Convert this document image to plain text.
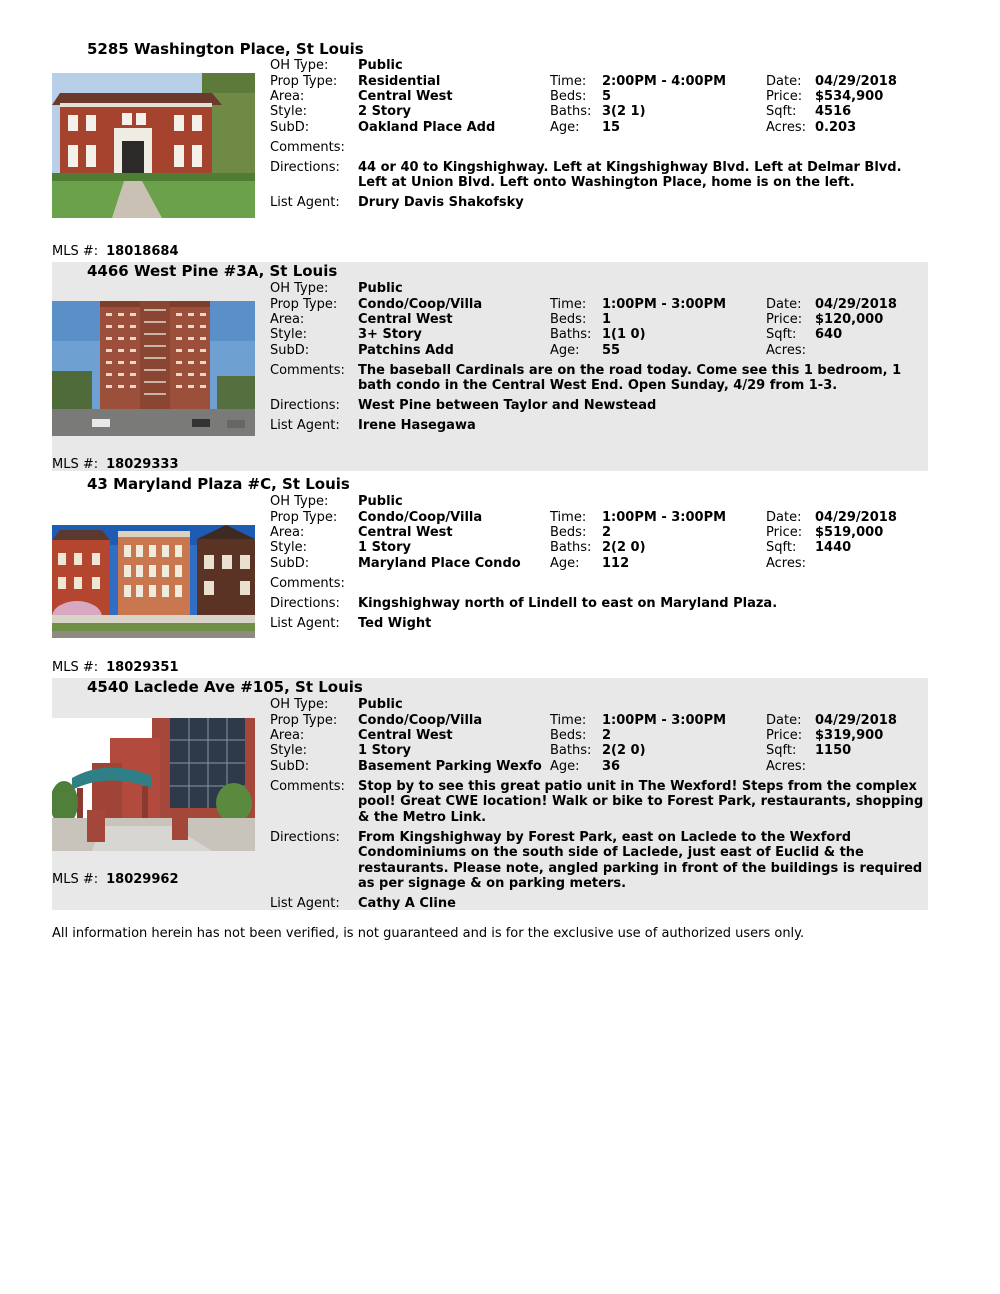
5285 Washington Place, St Louis
OH Type: Public
Prop Type: Residential
Area:	Central West
Style:	2 Story
SubD:	Oakland Place Add
Time: 2:00PM - 4:00PM
Beds: 5
Baths: 3(2 1)
Age: 15
Date: 04/29/2018
Price: $534,900
Sqft: 4516
Acres: 0.203
Comments:
Directions: 44 or 40 to Kingshighway. Left at Kingshighway Blvd. Left at Delmar Blvd. Left at Union Blvd. Left onto Washington Place, home is on the left.
List Agent: Drury Davis Shakofsky
MLS #: 18018684
4466 West Pine #3A, St Louis
OH Type: Public
Prop Type: Condo/Coop/Villa
Area:	Central West
Style:	3+ Story
SubD:	Patchins Add
Time: 1:00PM - 3:00PM
Beds: 1
Baths: 1(1 0)
Age: 55
Date: 04/29/2018
Price: $120,000
Sqft: 640
Acres:
Comments: The baseball Cardinals are on the road today. Come see this 1 bedroom, 1 bath condo in the Central West End. Open Sunday, 4/29 from 1-3.
Directions: West Pine between Taylor and Newstead
List Agent: Irene Hasegawa
MLS #: 18029333
43 Maryland Plaza #C, St Louis
OH Type: Public
Prop Type: Condo/Coop/Villa
Area:	Central West
Style:	1 Story
SubD:	Maryland Place Condo
Time: 1:00PM - 3:00PM
Beds: 2
Baths: 2(2 0)
Age: 112
Date: 04/29/2018
Price: $519,000
Sqft: 1440
Acres:
Comments:
Directions: Kingshighway north of Lindell to east on Maryland Plaza.
List Agent: Ted Wight
MLS #: 18029351
4540 Laclede Ave #105, St Louis
OH Type: Public
Prop Type: Condo/Coop/Villa
Area:	Central West
Style:	1 Story
SubD:	Basement Parking Wexfo
Time: 1:00PM - 3:00PM
Beds: 2
Baths: 2(2 0)
Age: 36
Date: 04/29/2018
Price: $319,900
Sqft: 1150
Acres:
Comments: Stop by to see this great patio unit in The Wexford! Steps from the complex pool! Great CWE location! Walk or bike to Forest Park, restaurants, shopping & the Metro Link.
Directions: From Kingshighway by Forest Park, east on Laclede to the Wexford Condominiums on the south side of Laclede, just east of Euclid & the restaurants. Please note, angled parking in front of the buildings is required as per signage & on parking meters.
List Agent: Cathy A Cline
MLS #: 18029962
All information herein has not been verified, is not guaranteed and is for the exclusive use of authorized users only.
